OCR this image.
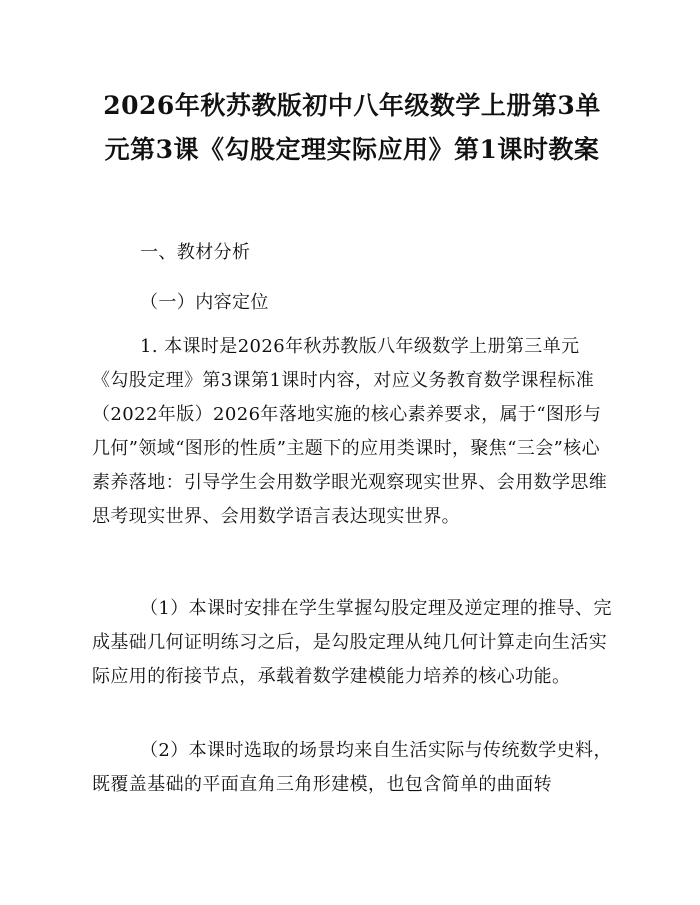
2026年秋苏教版初中八年级数学上册第3单元第3课《勾股定理实际应用》第1课时教案

一、教材分析

（一）内容定位

1. 本课时是2026年秋苏教版八年级数学上册第三单元《勾股定理》第3课第1课时内容，对应义务教育数学课程标准（2022年版）2026年落地实施的核心素养要求，属于“图形与几何”领域“图形的性质”主题下的应用类课时，聚焦“三会”核心素养落地：引导学生会用数学眼光观察现实世界、会用数学思维思考现实世界、会用数学语言表达现实世界。

（1）本课时安排在学生掌握勾股定理及逆定理的推导、完成基础几何证明练习之后，是勾股定理从纯几何计算走向生活实际应用的衔接节点，承载着数学建模能力培养的核心功能。

（2）本课时选取的场景均来自生活实际与传统数学史料，既覆盖基础的平面直角三角形建模，也包含简单的曲面转
